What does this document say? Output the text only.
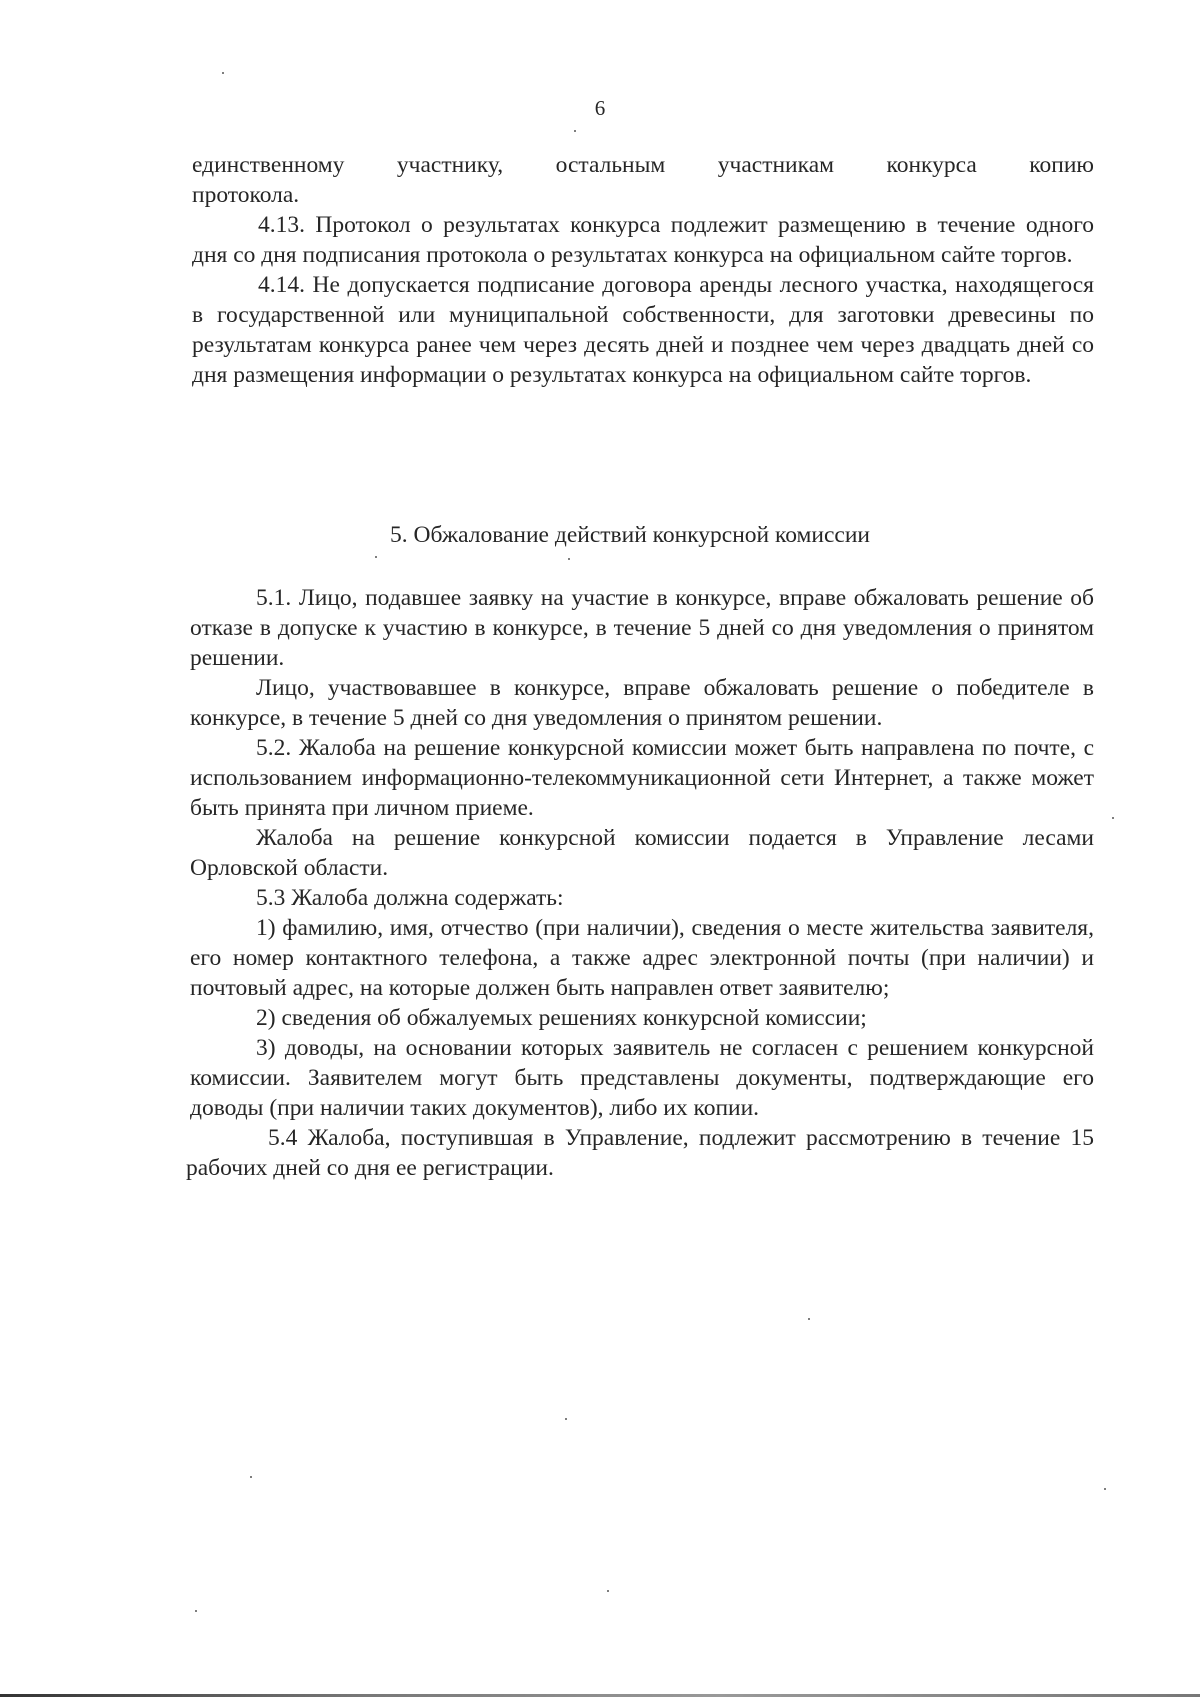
6

единственному участнику, остальным участникам конкурса копию

протокола.

4.13. Протокол о результатах конкурса подлежит размещению в течение одного дня со дня подписания протокола о результатах конкурса на официальном сайте торгов.

4.14. Не допускается подписание договора аренды лесного участка, находящегося в государственной или муниципальной собственности, для заготовки древесины по результатам конкурса ранее чем через десять дней и позднее чем через двадцать дней со дня размещения информации о результатах конкурса на официальном сайте торгов.

5. Обжалование действий конкурсной комиссии

5.1. Лицо, подавшее заявку на участие в конкурсе, вправе обжаловать решение об отказе в допуске к участию в конкурсе, в течение 5 дней со дня уведомления о принятом решении.

Лицо, участвовавшее в конкурсе, вправе обжаловать решение о победителе в конкурсе, в течение 5 дней со дня уведомления о принятом решении.

5.2. Жалоба на решение конкурсной комиссии может быть направлена по почте, с использованием информационно-телекоммуникационной сети Интернет, а также может быть принята при личном приеме.

Жалоба на решение конкурсной комиссии подается в Управление лесами Орловской области.

5.3 Жалоба должна содержать:

1) фамилию, имя, отчество (при наличии), сведения о месте жительства заявителя, его номер контактного телефона, а также адрес электронной почты (при наличии) и почтовый адрес, на которые должен быть направлен ответ заявителю;

2) сведения об обжалуемых решениях конкурсной комиссии;

3) доводы, на основании которых заявитель не согласен с решением конкурсной комиссии. Заявителем могут быть представлены документы, подтверждающие его доводы (при наличии таких документов), либо их копии.

5.4 Жалоба, поступившая в Управление, подлежит рассмотрению в течение 15 рабочих дней со дня ее регистрации.
